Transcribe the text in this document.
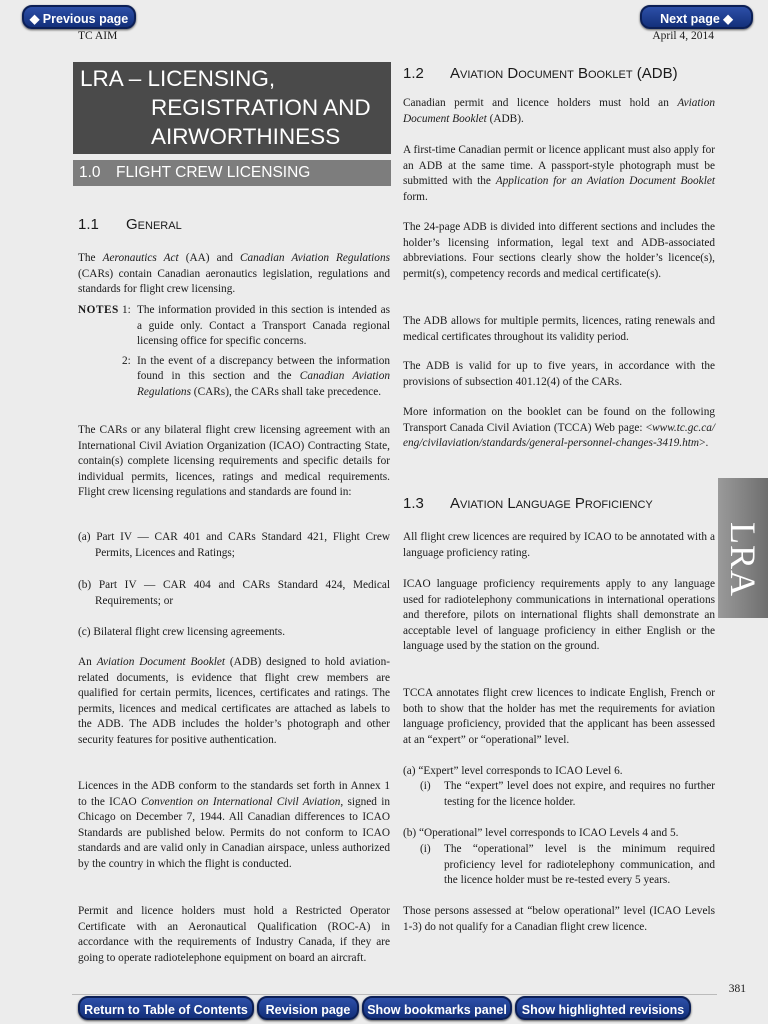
◆ Previous page	Next page ◆
TC AIM	April 4, 2014
LRA – LICENSING,
REGISTRATION AND
AIRWORTHINESS
1.0 FLIGHT CREW LICENSING
1.1 General
The Aeronautics Act (AA) and Canadian Aviation Regulations (CARs) contain Canadian aeronautics legislation, regulations and standards for flight crew licensing.
NOTES 1: The information provided in this section is intended as a guide only. Contact a Transport Canada regional licensing office for specific concerns.
2: In the event of a discrepancy between the information found in this section and the Canadian Aviation Regulations (CARs), the CARs shall take precedence.
The CARs or any bilateral flight crew licensing agreement with an International Civil Aviation Organization (ICAO) Contracting State, contain(s) complete licensing requirements and specific details for individual permits, licences, ratings and medical requirements. Flight crew licensing regulations and standards are found in:
(a) Part IV — CAR 401 and CARs Standard 421, Flight Crew Permits, Licences and Ratings;
(b) Part IV — CAR 404 and CARs Standard 424, Medical Requirements; or
(c) Bilateral flight crew licensing agreements.
An Aviation Document Booklet (ADB) designed to hold aviation-related documents, is evidence that flight crew members are qualified for certain permits, licences, certificates and ratings. The permits, licences and medical certificates are attached as labels to the ADB. The ADB includes the holder’s photograph and other security features for positive authentication.
Licences in the ADB conform to the standards set forth in Annex 1 to the ICAO Convention on International Civil Aviation, signed in Chicago on December 7, 1944. All Canadian differences to ICAO Standards are published below. Permits do not conform to ICAO standards and are valid only in Canadian airspace, unless authorized by the country in which the flight is conducted.
Permit and licence holders must hold a Restricted Operator Certificate with an Aeronautical Qualification (ROC-A) in accordance with the requirements of Industry Canada, if they are going to operate radiotelephone equipment on board an aircraft.
1.2 Aviation Document Booklet (ADB)
Canadian permit and licence holders must hold an Aviation Document Booklet (ADB).
A first-time Canadian permit or licence applicant must also apply for an ADB at the same time. A passport-style photograph must be submitted with the Application for an Aviation Document Booklet form.
The 24-page ADB is divided into different sections and includes the holder’s licensing information, legal text and ADB-associated abbreviations. Four sections clearly show the holder’s licence(s), permit(s), competency records and medical certificate(s).
The ADB allows for multiple permits, licences, rating renewals and medical certificates throughout its validity period.
The ADB is valid for up to five years, in accordance with the provisions of subsection 401.12(4) of the CARs.
More information on the booklet can be found on the following Transport Canada Civil Aviation (TCCA) Web page: <www.tc.gc.ca/eng/civilaviation/standards/general-personnel-changes-3419.htm>.
1.3 Aviation Language Proficiency
All flight crew licences are required by ICAO to be annotated with a language proficiency rating.
ICAO language proficiency requirements apply to any language used for radiotelephony communications in international operations and therefore, pilots on international flights shall demonstrate an acceptable level of language proficiency in either English or the language used by the station on the ground.
TCCA annotates flight crew licences to indicate English, French or both to show that the holder has met the requirements for aviation language proficiency, provided that the applicant has been assessed at an “expert” or “operational” level.
(a) “Expert” level corresponds to ICAO Level 6.
(i) The “expert” level does not expire, and requires no further testing for the licence holder.
(b) “Operational” level corresponds to ICAO Levels 4 and 5.
(i) The “operational” level is the minimum required proficiency level for radiotelephony communication, and the licence holder must be re-tested every 5 years.
Those persons assessed at “below operational” level (ICAO Levels 1-3) do not qualify for a Canadian flight crew licence.
LRA
381
Return to Table of Contents	Revision page	Show bookmarks panel	Show highlighted revisions
